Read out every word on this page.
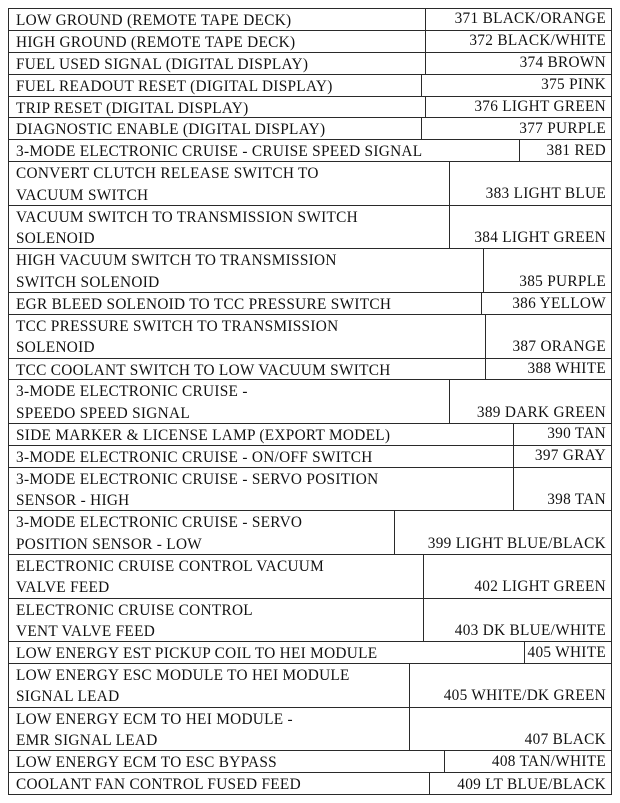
LOW GROUND (REMOTE TAPE DECK)	371 BLACK/ORANGE
HIGH GROUND (REMOTE TAPE DECK)	372 BLACK/WHITE
FUEL USED SIGNAL (DIGITAL DISPLAY)	374 BROWN
FUEL READOUT RESET (DIGITAL DISPLAY)	375 PINK
TRIP RESET (DIGITAL DISPLAY)	376 LIGHT GREEN
DIAGNOSTIC ENABLE (DIGITAL DISPLAY)	377 PURPLE
3-MODE ELECTRONIC CRUISE - CRUISE SPEED SIGNAL	381 RED
CONVERT CLUTCH RELEASE SWITCH TO
VACUUM SWITCH	383 LIGHT BLUE
VACUUM SWITCH TO TRANSMISSION SWITCH
SOLENOID	384 LIGHT GREEN
HIGH VACUUM SWITCH TO TRANSMISSION
SWITCH SOLENOID	385 PURPLE
EGR BLEED SOLENOID TO TCC PRESSURE SWITCH	386 YELLOW
TCC PRESSURE SWITCH TO TRANSMISSION
SOLENOID	387 ORANGE
TCC COOLANT SWITCH TO LOW VACUUM SWITCH	388 WHITE
3-MODE ELECTRONIC CRUISE -
SPEEDO SPEED SIGNAL	389 DARK GREEN
SIDE MARKER & LICENSE LAMP (EXPORT MODEL)	390 TAN
3-MODE ELECTRONIC CRUISE - ON/OFF SWITCH	397 GRAY
3-MODE ELECTRONIC CRUISE - SERVO POSITION
SENSOR - HIGH	398 TAN
3-MODE ELECTRONIC CRUISE - SERVO
POSITION SENSOR - LOW	399 LIGHT BLUE/BLACK
ELECTRONIC CRUISE CONTROL VACUUM
VALVE FEED	402 LIGHT GREEN
ELECTRONIC CRUISE CONTROL
VENT VALVE FEED	403 DK BLUE/WHITE
LOW ENERGY EST PICKUP COIL TO HEI MODULE	405 WHITE
LOW ENERGY ESC MODULE TO HEI MODULE
SIGNAL LEAD	405 WHITE/DK GREEN
LOW ENERGY ECM TO HEI MODULE -
EMR SIGNAL LEAD	407 BLACK
LOW ENERGY ECM TO ESC BYPASS	408 TAN/WHITE
COOLANT FAN CONTROL FUSED FEED	409 LT BLUE/BLACK
